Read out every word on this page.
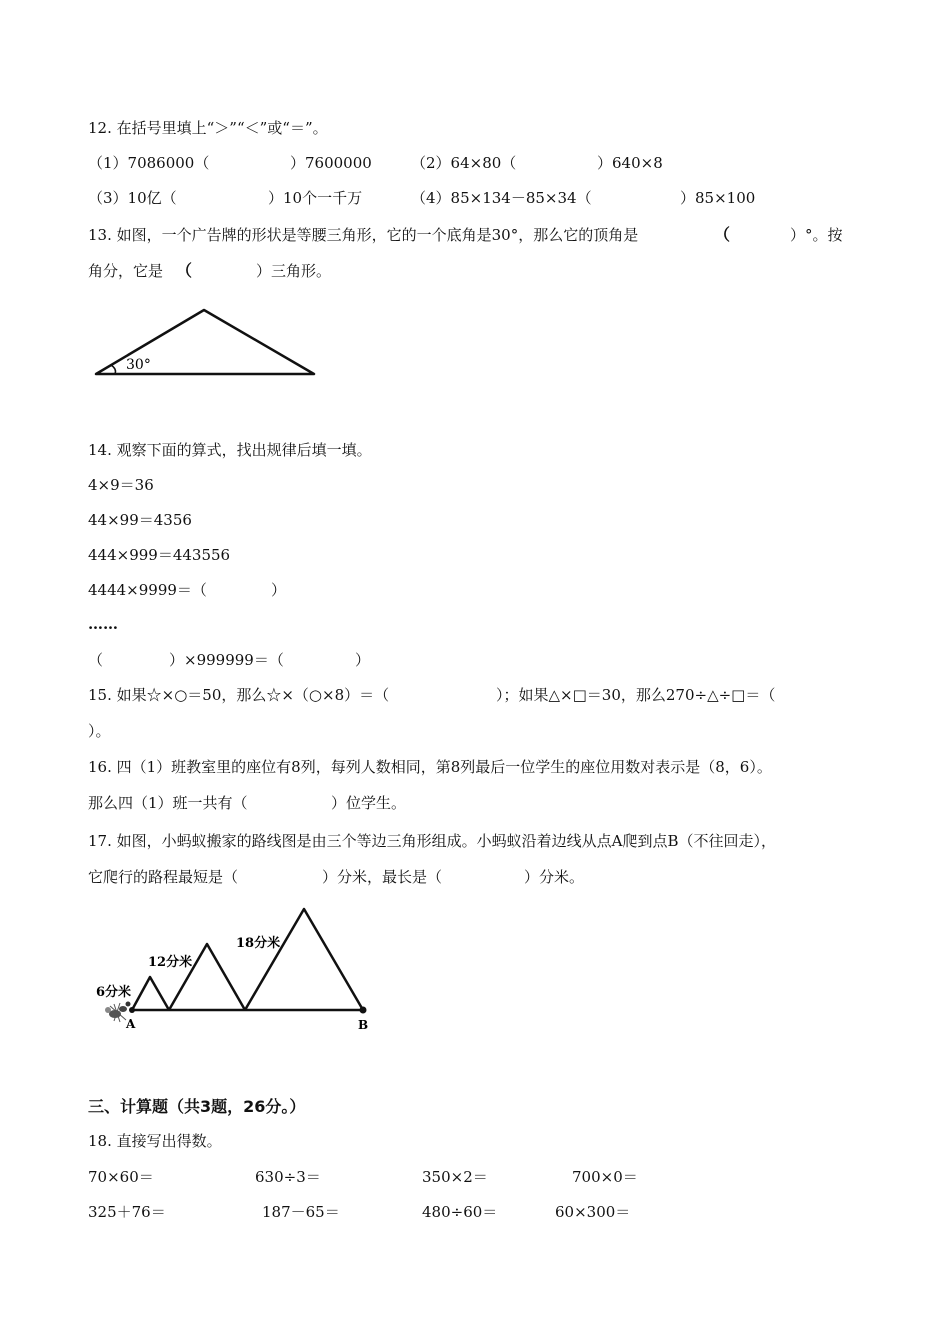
12. 在括号里填上“＞”“＜”或“＝”。
（1）7086000（	）7600000	（2）64×80（	）640×8
（3）10亿（	）10个一千万	（4）85×134－85×34（	）85×100
13. 如图，一个广告牌的形状是等腰三角形，它的一个底角是30°，那么它的顶角是	（	）°。按
角分，它是 （	）三角形。
30°
14. 观察下面的算式，找出规律后填一填。
4×9＝36
44×99＝4356
444×999＝443556
4444×9999＝（	）
……
（	）×999999＝（	）
15. 如果☆×○＝50，那么☆×（○×8）＝（	）；如果△×□＝30，那么270÷△÷□＝（
）。
16. 四（1）班教室里的座位有8列，每列人数相同，第8列最后一位学生的座位用数对表示是（8，6）。
那么四（1）班一共有（	）位学生。
17. 如图，小蚂蚁搬家的路线图是由三个等边三角形组成。小蚂蚁沿着边线从点A爬到点B（不往回走），
它爬行的路程最短是（	）分米，最长是（	）分米。
6分米
12分米
18分米
A	B
三、计算题（共3题，26分。）
18. 直接写出得数。
70×60＝	630÷3＝	350×2＝	700×0＝
325＋76＝	187－65＝	480÷60＝	60×300＝
